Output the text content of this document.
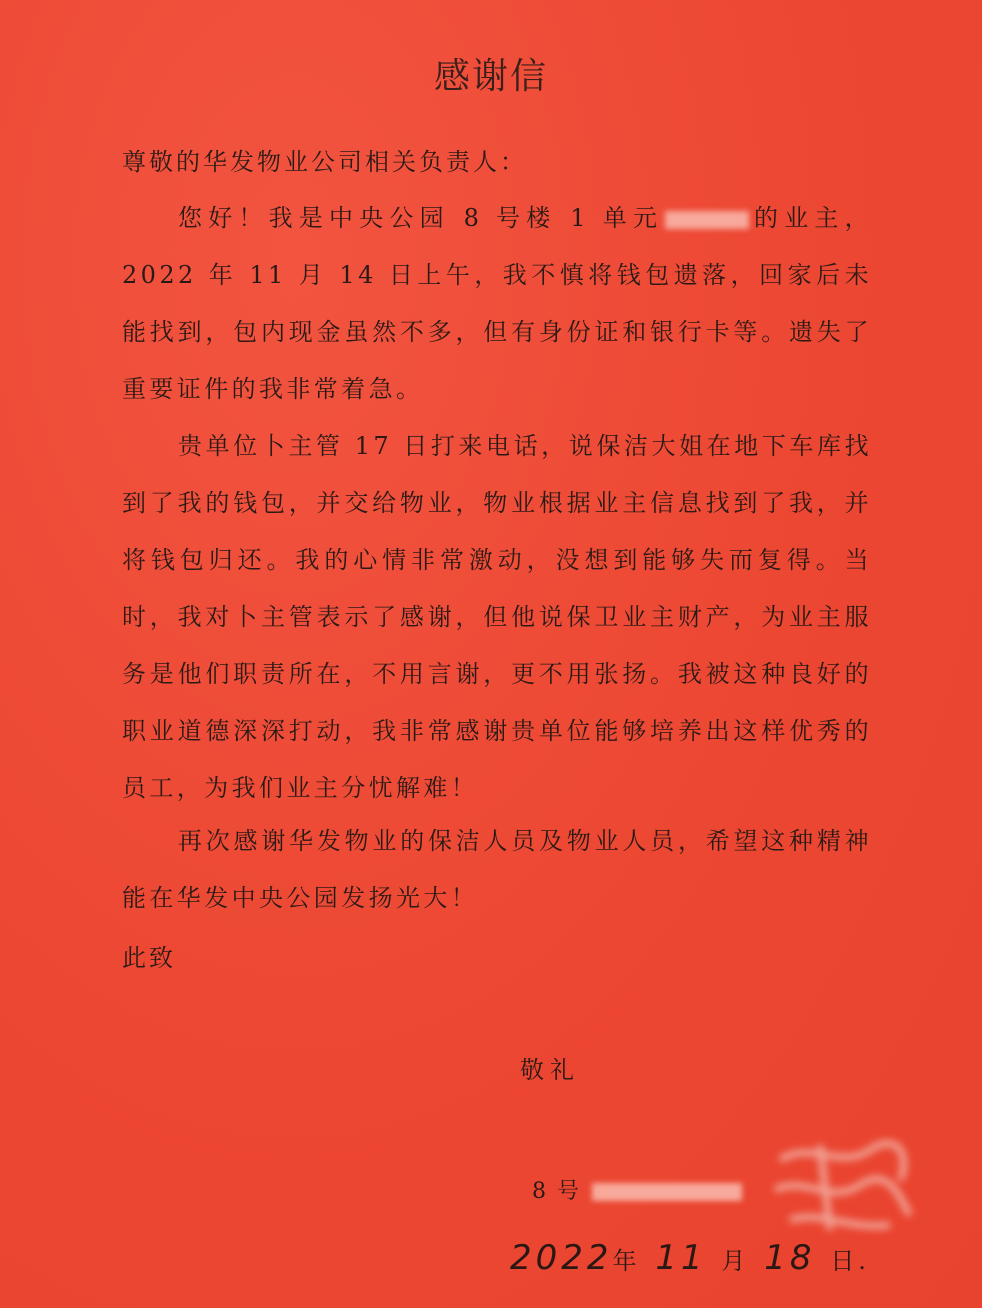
感谢信
尊敬的华发物业公司相关负责人：

您好！我是中央公园 8 号楼 1 单元	的业主，2022 年 11 月 14 日上午，我不慎将钱包遗落，回家后未能找到，包内现金虽然不多，但有身份证和银行卡等。遗失了重要证件的我非常着急。

贵单位卜主管 17 日打来电话，说保洁大姐在地下车库找到了我的钱包，并交给物业，物业根据业主信息找到了我，并将钱包归还。我的心情非常激动，没想到能够失而复得。当时，我对卜主管表示了感谢，但他说保卫业主财产，为业主服务是他们职责所在，不用言谢，更不用张扬。我被这种良好的职业道德深深打动，我非常感谢贵单位能够培养出这样优秀的员工，为我们业主分忧解难！

再次感谢华发物业的保洁人员及物业人员，希望这种精神能在华发中央公园发扬光大！

此致
敬礼
8 号
2022年 11 月 18 日.
